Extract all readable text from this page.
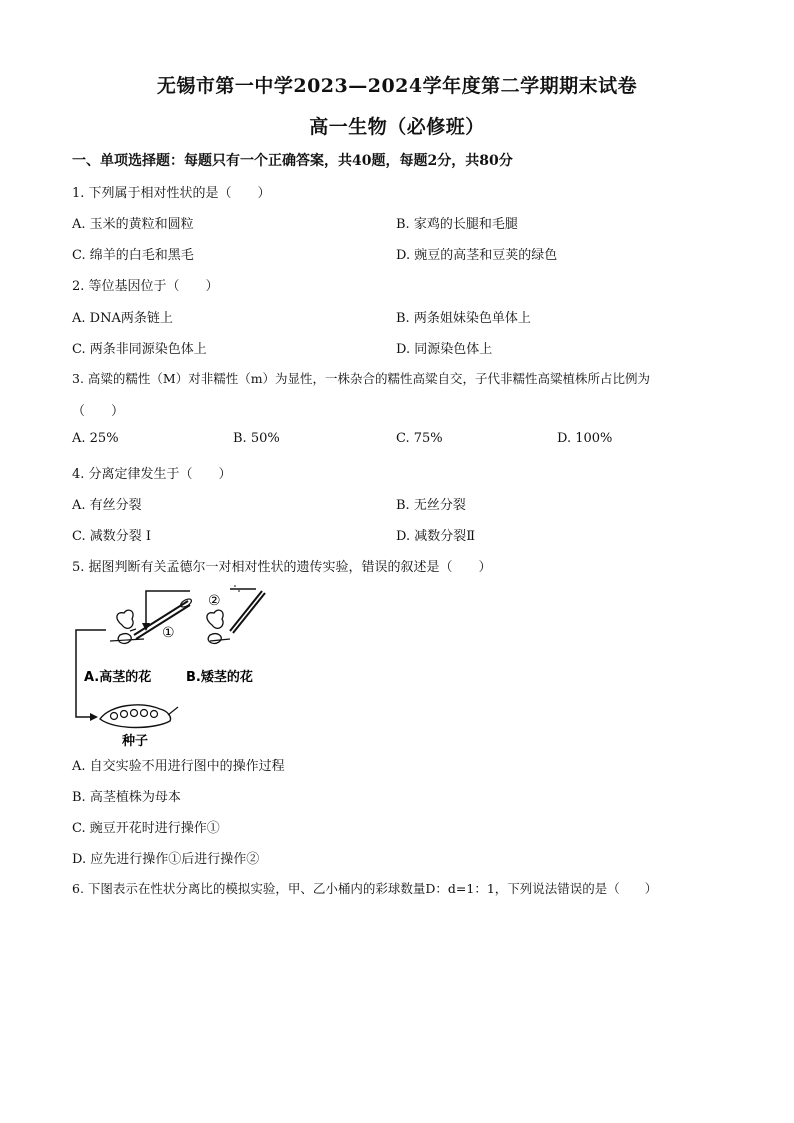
无锡市第一中学2023—2024学年度第二学期期末试卷
高一生物（必修班）
一、单项选择题：每题只有一个正确答案，共40题，每题2分，共80分
1. 下列属于相对性状的是（　　）
A. 玉米的黄粒和圆粒	B. 家鸡的长腿和毛腿
C. 绵羊的白毛和黑毛	D. 豌豆的高茎和豆荚的绿色
2. 等位基因位于（　　）
A. DNA两条链上	B. 两条姐妹染色单体上
C. 两条非同源染色体上	D. 同源染色体上
3. 高粱的糯性（M）对非糯性（m）为显性，一株杂合的糯性高粱自交，子代非糯性高粱植株所占比例为
（　　）
A. 25%	B. 50%	C. 75%	D. 100%
4. 分离定律发生于（　　）
A. 有丝分裂	B. 无丝分裂
C. 减数分裂 Ⅰ	D. 减数分裂Ⅱ
5. 据图判断有关孟德尔一对相对性状的遗传实验，错误的叙述是（　　）
①
②
A.高茎的花	B.矮茎的花
种子
A. 自交实验不用进行图中的操作过程
B. 高茎植株为母本
C. 豌豆开花时进行操作①
D. 应先进行操作①后进行操作②
6. 下图表示在性状分离比的模拟实验，甲、乙小桶内的彩球数量D：d=1：1，下列说法错误的是（　　）
